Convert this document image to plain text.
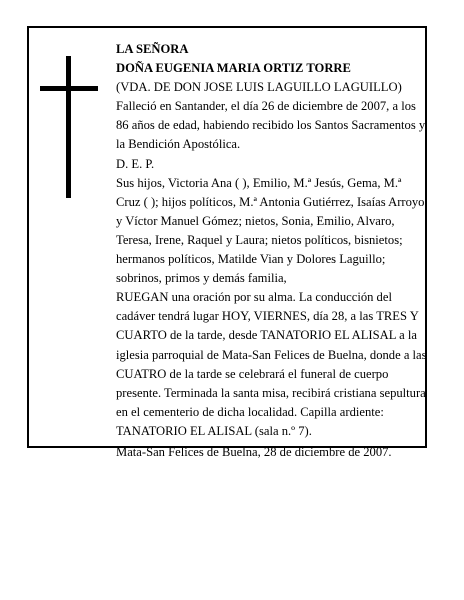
LA SEÑORA

DOÑA EUGENIA MARIA ORTIZ TORRE

(VDA. DE DON JOSE LUIS LAGUILLO LAGUILLO)

Falleció en Santander, el día 26 de diciembre de 2007, a los 86 años de edad, habiendo recibido los Santos Sacramentos y la Bendición Apostólica.

D. E. P.

Sus hijos, Victoria Ana ( ), Emilio, M.ª Jesús, Gema, M.ª Cruz ( ); hijos políticos, M.ª Antonia Gutiérrez, Isaías Arroyo y Víctor Manuel Gómez; nietos, Sonia, Emilio, Alvaro, Teresa, Irene, Raquel y Laura; nietos políticos, bisnietos; hermanos políticos, Matilde Vian y Dolores Laguillo; sobrinos, primos y demás familia,

RUEGAN una oración por su alma. La conducción del cadáver tendrá lugar HOY, VIERNES, día 28, a las TRES Y CUARTO de la tarde, desde TANATORIO EL ALISAL a la iglesia parroquial de Mata-San Felices de Buelna, donde a las CUATRO de la tarde se celebrará el funeral de cuerpo presente. Terminada la santa misa, recibirá cristiana sepultura en el cementerio de dicha localidad. Capilla ardiente: TANATORIO EL ALISAL (sala n.º 7).

Mata-San Felices de Buelna, 28 de diciembre de 2007.
